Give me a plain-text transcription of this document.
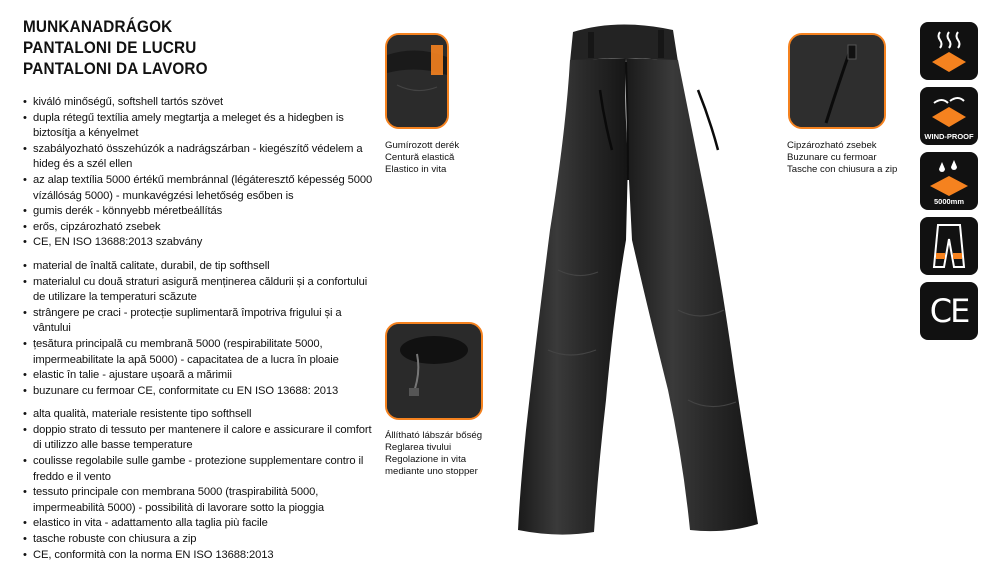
MUNKANADRÁGOK
PANTALONI DE LUCRU
PANTALONI DA LAVORO
• kiváló minőségű, softshell tartós szövet
• dupla rétegű textília amely megtartja a meleget és a hidegben is biztosítja a kényelmet
• szabályozható összehúzók a nadrágszárban - kiegészítő védelem a hideg és a szél ellen
• az alap textília 5000 értékű membránnal (légáteresztő képesség 5000 vízállóság 5000) - munkavégzési lehetőség esőben is
• gumis derék - könnyebb méretbeállítás
• erős, cipzározható zsebek
• CE, EN ISO 13688:2013 szabvány
• material de înaltă calitate, durabil, de tip softhsell
• materialul cu două straturi asigură menținerea căldurii și a confortului de utilizare la temperaturi scăzute
• strângere pe craci - protecție suplimentară împotriva frigului și a vântului
• țesătura principală cu membrană 5000 (respirabilitate 5000, impermeabilitate la apă 5000) - capacitatea de a lucra în ploaie
• elastic în talie - ajustare ușoară a mărimii
• buzunare cu fermoar CE, conformitate cu EN ISO 13688: 2013
• alta qualità, materiale resistente tipo softhsell
• doppio strato di tessuto per mantenere il calore e assicurare il comfort di utilizzo alle basse temperature
• coulisse regolabile sulle gambe - protezione supplementare contro il freddo e il vento
• tessuto principale con membrana 5000 (traspirabilità 5000, impermeabilità 5000) - possibilità di lavorare sotto la pioggia
• elastico in vita - adattamento alla taglia più facile
• tasche robuste con chiusura a zip
• CE, conformità con la norma EN ISO 13688:2013
Gumírozott derék
Centură elastică
Elastico in vita
Cipzározható zsebek
Buzunare cu fermoar
Tasche con chiusura a zip
Állítható lábszár bőség
Reglarea tivului
Regolazione in vita
mediante uno stopper
WIND-PROOF
5000mm
CE
